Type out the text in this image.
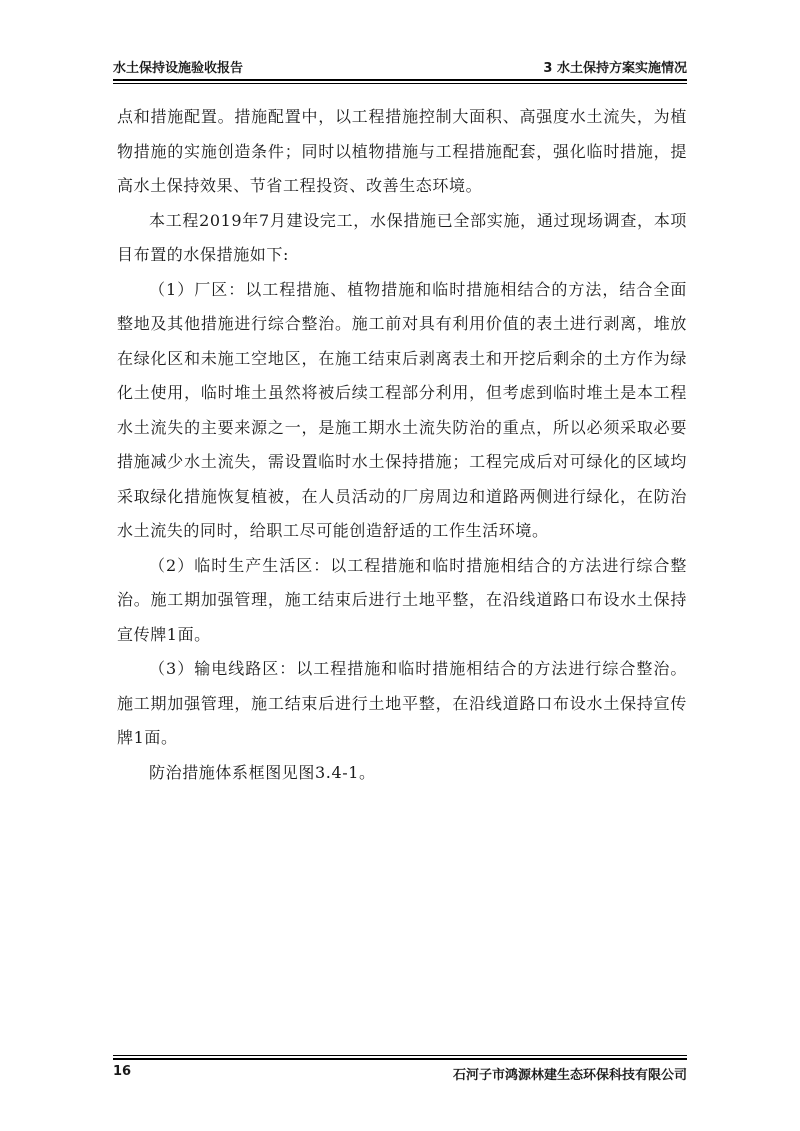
水土保持设施验收报告	3 水土保持方案实施情况

点和措施配置。措施配置中，以工程措施控制大面积、高强度水土流失，为植物措施的实施创造条件；同时以植物措施与工程措施配套，强化临时措施，提高水土保持效果、节省工程投资、改善生态环境。

本工程2019年7月建设完工，水保措施已全部实施，通过现场调查，本项目布置的水保措施如下:

（1）厂区：以工程措施、植物措施和临时措施相结合的方法，结合全面整地及其他措施进行综合整治。施工前对具有利用价值的表土进行剥离，堆放在绿化区和未施工空地区，在施工结束后剥离表土和开挖后剩余的土方作为绿化土使用，临时堆土虽然将被后续工程部分利用，但考虑到临时堆土是本工程水土流失的主要来源之一，是施工期水土流失防治的重点，所以必须采取必要措施减少水土流失，需设置临时水土保持措施；工程完成后对可绿化的区域均采取绿化措施恢复植被，在人员活动的厂房周边和道路两侧进行绿化，在防治水土流失的同时，给职工尽可能创造舒适的工作生活环境。

（2）临时生产生活区：以工程措施和临时措施相结合的方法进行综合整治。施工期加强管理，施工结束后进行土地平整，在沿线道路口布设水土保持宣传牌1面。

（3）输电线路区：以工程措施和临时措施相结合的方法进行综合整治。施工期加强管理，施工结束后进行土地平整，在沿线道路口布设水土保持宣传牌1面。

防治措施体系框图见图3.4-1。

16	石河子市鸿源林建生态环保科技有限公司
